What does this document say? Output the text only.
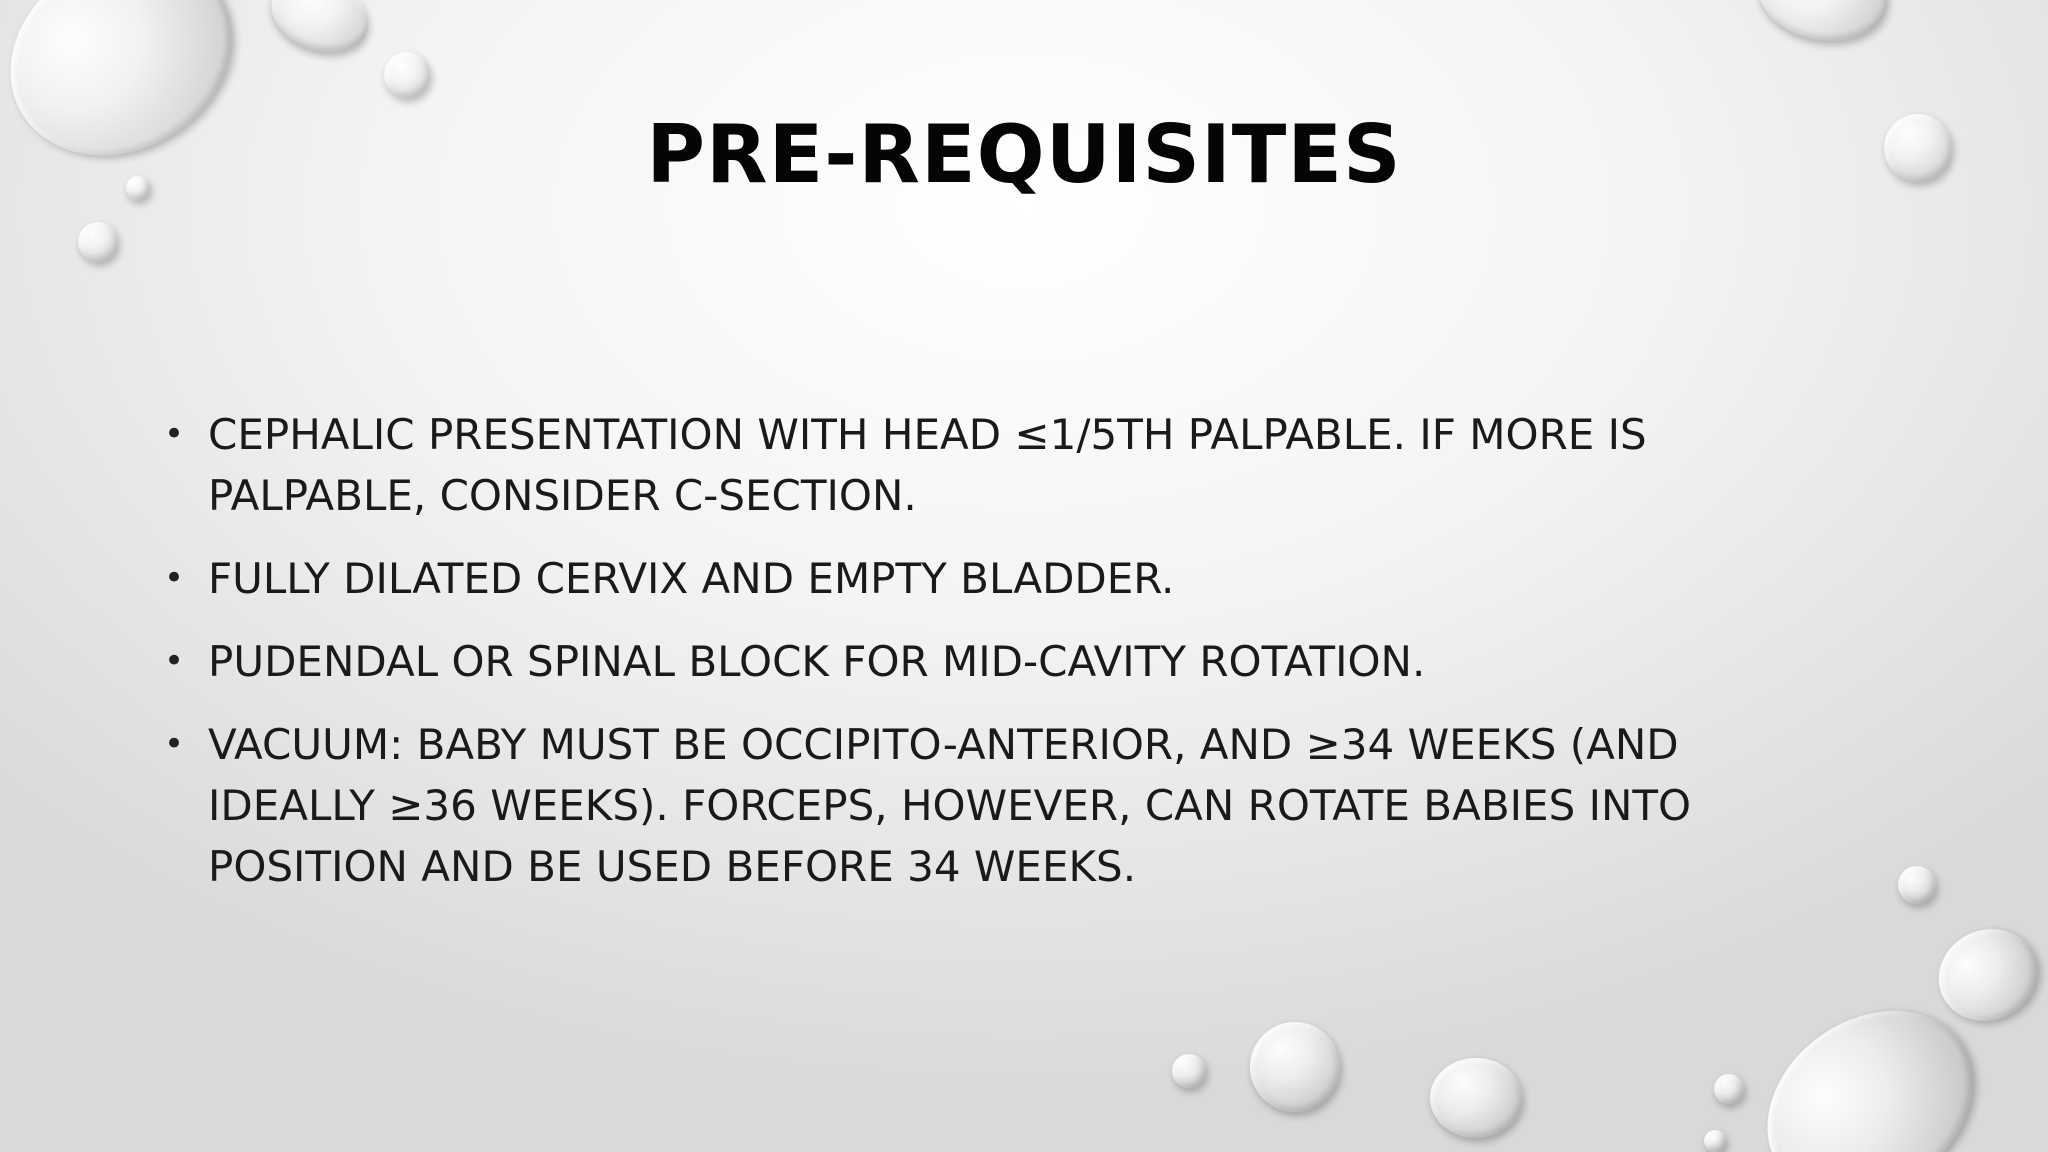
PRE-REQUISITES
• CEPHALIC PRESENTATION WITH HEAD ≤1/5TH PALPABLE. IF MORE IS PALPABLE, CONSIDER C-SECTION.
• FULLY DILATED CERVIX AND EMPTY BLADDER.
• PUDENDAL OR SPINAL BLOCK FOR MID-CAVITY ROTATION.
• VACUUM: BABY MUST BE OCCIPITO-ANTERIOR, AND ≥34 WEEKS (AND IDEALLY ≥36 WEEKS). FORCEPS, HOWEVER, CAN ROTATE BABIES INTO POSITION AND BE USED BEFORE 34 WEEKS.
